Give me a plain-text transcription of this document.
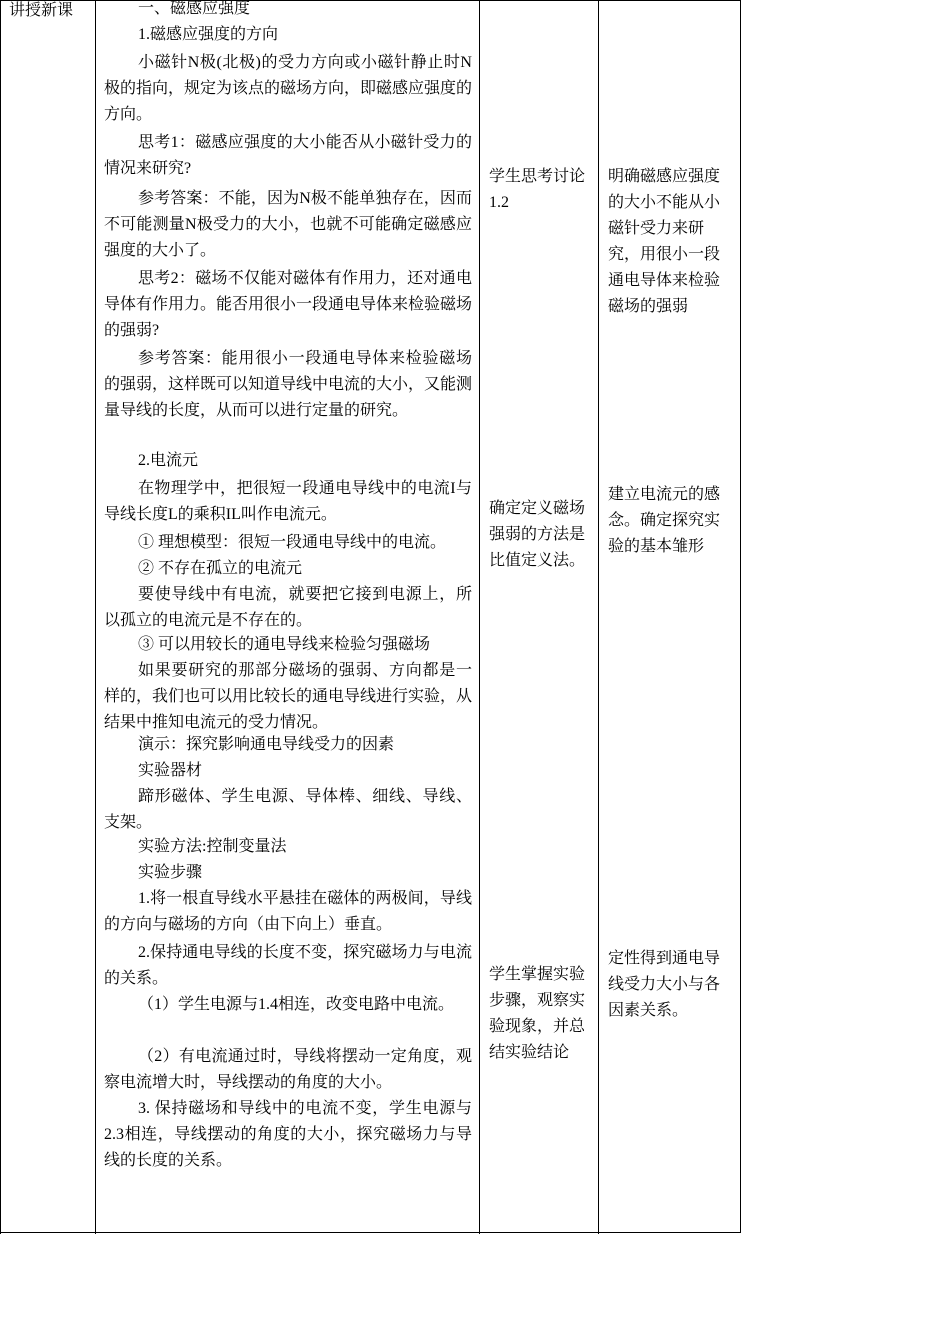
讲授新课	一、磁感应强度

1.磁感应强度的方向

小磁针N极(北极)的受力方向或小磁针静止时N极的指向，规定为该点的磁场方向，即磁感应强度的方向。

思考1：磁感应强度的大小能否从小磁针受力的情况来研究?

参考答案：不能，因为N极不能单独存在，因而不可能测量N极受力的大小，也就不可能确定磁感应强度的大小了。

思考2：磁场不仅能对磁体有作用力，还对通电导体有作用力。能否用很小一段通电导体来检验磁场的强弱?

参考答案：能用很小一段通电导体来检验磁场的强弱，这样既可以知道导线中电流的大小，又能测量导线的长度，从而可以进行定量的研究。

2.电流元

在物理学中，把很短一段通电导线中的电流I与导线长度L的乘积IL叫作电流元。

① 理想模型：很短一段通电导线中的电流。

② 不存在孤立的电流元

要使导线中有电流，就要把它接到电源上，所以孤立的电流元是不存在的。

③ 可以用较长的通电导线来检验匀强磁场

如果要研究的那部分磁场的强弱、方向都是一样的，我们也可以用比较长的通电导线进行实验，从结果中推知电流元的受力情况。

演示：探究影响通电导线受力的因素

实验器材

蹄形磁体、学生电源、导体棒、细线、导线、支架。

实验方法:控制变量法

实验步骤

1.将一根直导线水平悬挂在磁体的两极间，导线的方向与磁场的方向（由下向上）垂直。

2.保持通电导线的长度不变，探究磁场力与电流的关系。

（1）学生电源与1.4相连，改变电路中电流。

（2）有电流通过时，导线将摆动一定角度，观察电流增大时，导线摆动的角度的大小。

3. 保持磁场和导线中的电流不变，学生电源与2.3相连，导线摆动的角度的大小，探究磁场力与导线的长度的关系。

学生思考讨论1.2

确定定义磁场强弱的方法是比值定义法。

学生掌握实验步骤，观察实验现象，并总结实验结论

明确磁感应强度的大小不能从小磁针受力来研究，用很小一段通电导体来检验磁场的强弱

建立电流元的感念。确定探究实验的基本雏形

定性得到通电导线受力大小与各因素关系。
